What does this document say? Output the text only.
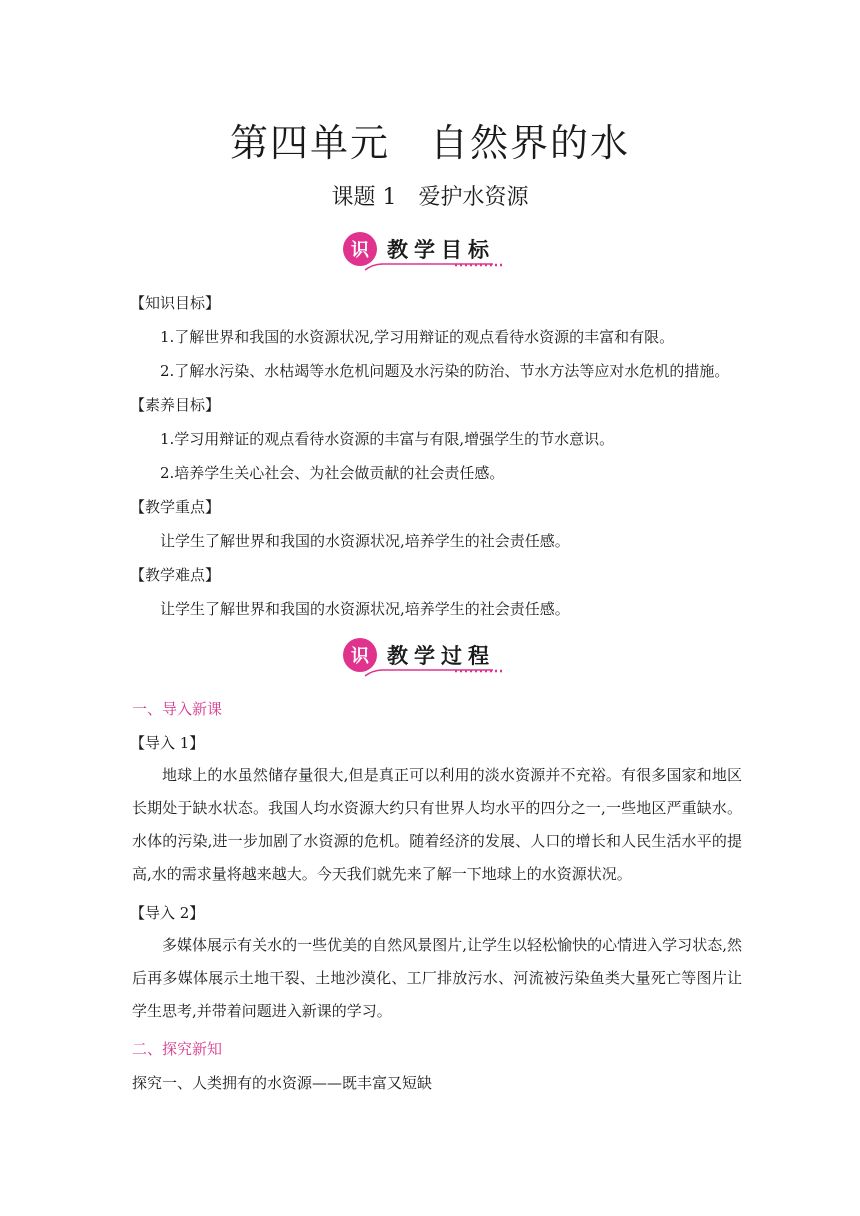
第四单元　自然界的水
课题 1　爱护水资源
识 教学目标
【知识目标】
1.了解世界和我国的水资源状况,学习用辩证的观点看待水资源的丰富和有限。
2.了解水污染、水枯竭等水危机问题及水污染的防治、节水方法等应对水危机的措施。
【素养目标】
1.学习用辩证的观点看待水资源的丰富与有限,增强学生的节水意识。
2.培养学生关心社会、为社会做贡献的社会责任感。
【教学重点】
让学生了解世界和我国的水资源状况,培养学生的社会责任感。
【教学难点】
让学生了解世界和我国的水资源状况,培养学生的社会责任感。
识 教学过程
一、导入新课
【导入 1】
地球上的水虽然储存量很大,但是真正可以利用的淡水资源并不充裕。有很多国家和地区长期处于缺水状态。我国人均水资源大约只有世界人均水平的四分之一,一些地区严重缺水。水体的污染,进一步加剧了水资源的危机。随着经济的发展、人口的增长和人民生活水平的提高,水的需求量将越来越大。今天我们就先来了解一下地球上的水资源状况。
【导入 2】
多媒体展示有关水的一些优美的自然风景图片,让学生以轻松愉快的心情进入学习状态,然后再多媒体展示土地干裂、土地沙漠化、工厂排放污水、河流被污染鱼类大量死亡等图片让学生思考,并带着问题进入新课的学习。
二、探究新知
探究一、人类拥有的水资源——既丰富又短缺
